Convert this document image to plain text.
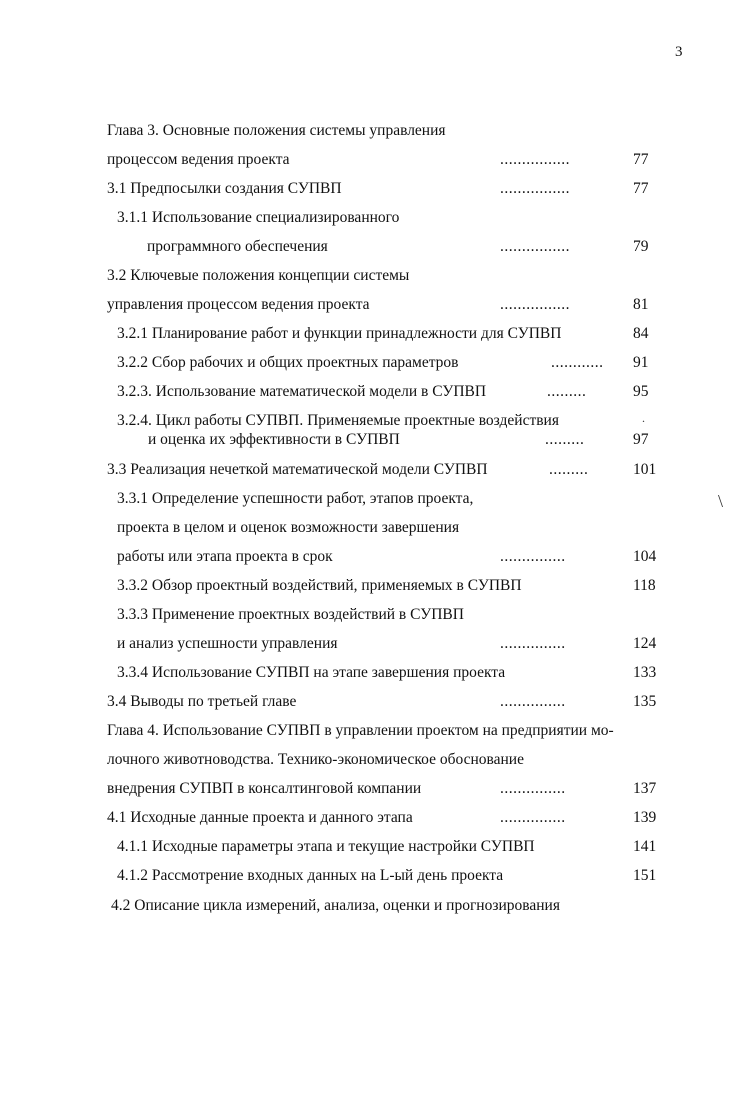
3
Глава 3. Основные положения системы управления
процессом ведения проекта	................	77
3.1 Предпосылки создания СУПВП	................	77
3.1.1 Использование специализированного
программного обеспечения	................	79
3.2 Ключевые положения концепции системы
управления процессом ведения проекта	................	81
3.2.1 Планирование работ и функции принадлежности для СУПВП	84
3.2.2 Сбор рабочих и общих проектных параметров	............ 91
3.2.3. Использование математической модели в СУПВП	.........	95
3.2.4. Цикл работы СУПВП. Применяемые проектные воздействия	.
и оценка их эффективности в СУПВП	.........	97
3.3 Реализация нечеткой математической модели СУПВП	.........	101
3.3.1 Определение успешности работ, этапов проекта,	\
проекта в целом и оценок возможности завершения
работы или этапа проекта в срок	...............	104
3.3.2 Обзор проектный воздействий, применяемых в СУПВП	118
3.3.3 Применение проектных воздействий в СУПВП
и анализ успешности управления	...............	124
3.3.4 Использование СУПВП на этапе завершения проекта	133
3.4 Выводы по третьей главе	...............	135
Глава 4. Использование СУПВП в управлении проектом на предприятии мо-
лочного животноводства. Технико-экономическое обоснование
внедрения СУПВП в консалтинговой компании	...............	137
4.1 Исходные данные проекта и данного этапа	...............	139
4.1.1 Исходные параметры этапа и текущие настройки СУПВП	141
4.1.2 Рассмотрение входных данных на L-ый день проекта	151
4.2 Описание цикла измерений, анализа, оценки и прогнозирования
